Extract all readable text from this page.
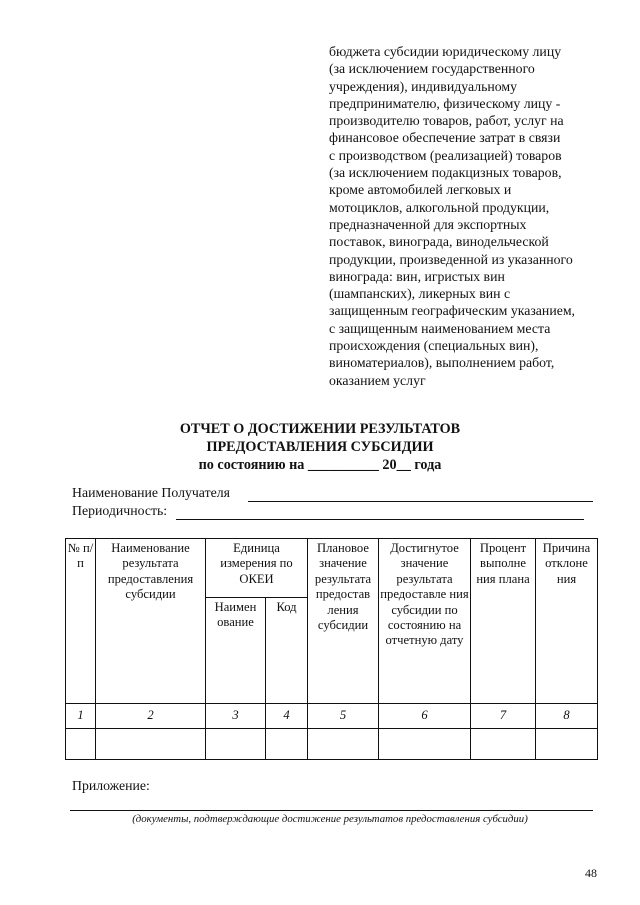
бюджета субсидии юридическому лицу
(за исключением государственного
учреждения), индивидуальному
предпринимателю, физическому лицу -
производителю товаров, работ, услуг на
финансовое обеспечение затрат в связи
с производством (реализацией) товаров
(за исключением подакцизных товаров,
кроме автомобилей легковых и
мотоциклов, алкогольной продукции,
предназначенной для экспортных
поставок, винограда, винодельческой
продукции, произведенной из указанного
винограда: вин, игристых вин
(шампанских), ликерных вин с
защищенным географическим указанием,
с защищенным наименованием места
происхождения (специальных вин),
виноматериалов), выполнением работ,
оказанием услуг
ОТЧЕТ О ДОСТИЖЕНИИ РЕЗУЛЬТАТОВ
ПРЕДОСТАВЛЕНИЯ СУБСИДИИ
по состоянию на __________ 20__ года
Наименование Получателя
Периодичность:
№ п/п	Наименование результата предоставления субсидии	Единица измерения по ОКЕИ		Плановое значение результата предостав ления субсидии	Достигнутое значение результата предоставле ния субсидии по состоянию на отчетную дату	Процент выполне ния плана	Причина отклоне ния
		Наимен ование	Код				
1	2	3	4	5	6	7	8

Приложение:
(документы, подтверждающие достижение результатов предоставления субсидии)
48
